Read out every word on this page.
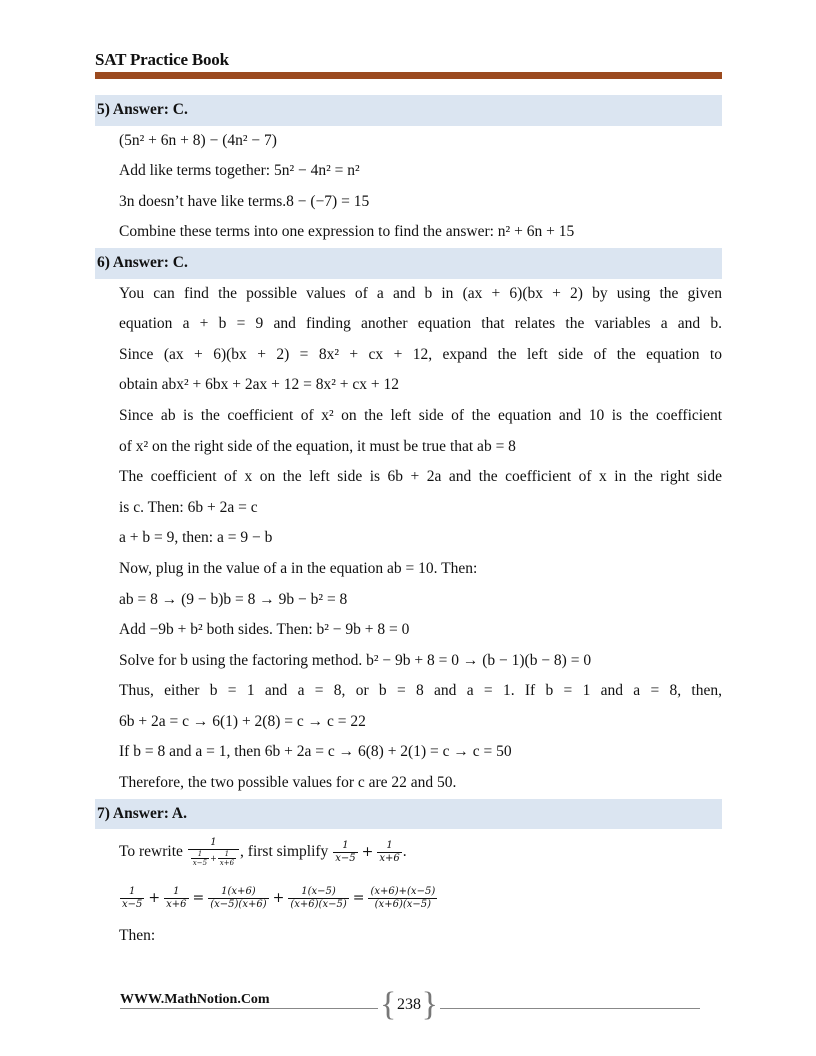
SAT Practice Book
5) Answer: C.
(5n² + 6n + 8) − (4n² − 7)
Add like terms together: 5n² − 4n² = n²
3n doesn’t have like terms.8 − (−7) = 15
Combine these terms into one expression to find the answer: n² + 6n + 15
6) Answer: C.
You can find the possible values of a and b in (ax + 6)(bx + 2) by using the given
equation a + b = 9 and finding another equation that relates the variables a and b.
Since (ax + 6)(bx + 2) = 8x² + cx + 12, expand the left side of the equation to
obtain abx² + 6bx + 2ax + 12 = 8x² + cx + 12
Since ab is the coefficient of x² on the left side of the equation and 10 is the coefficient
of x² on the right side of the equation, it must be true that ab = 8
The coefficient of x on the left side is 6b + 2a and the coefficient of x in the right side
is c. Then: 6b + 2a = c
a + b = 9, then: a = 9 − b
Now, plug in the value of a in the equation ab = 10. Then:
ab = 8 → (9 − b)b = 8 → 9b − b² = 8
Add −9b + b² both sides. Then: b² − 9b + 8 = 0
Solve for b using the factoring method. b² − 9b + 8 = 0 → (b − 1)(b − 8) = 0
Thus, either b = 1 and a = 8, or b = 8 and a = 1. If b = 1 and a = 8, then,
6b + 2a = c → 6(1) + 2(8) = c → c = 22
If b = 8 and a = 1, then 6b + 2a = c → 6(8) + 2(1) = c → c = 50
Therefore, the two possible values for c are 22 and 50.
7) Answer: A.
To rewrite
$\frac{1}{\frac{1}{x-5} + \frac{1}{x+6}}$ , first simplify
$\frac{1}{x-5} + \frac{1}{x+6}$ .
$\frac{1}{x-5} + \frac{1}{x+6} = \frac{1(x+6)}{(x-5)(x+6)} + \frac{1(x-5)}{(x+6)(x-5)} = \frac{(x+6)+(x-5)}{(x+6)(x-5)}$
Then:
WWW.MathNotion.Com	{ 238 }
